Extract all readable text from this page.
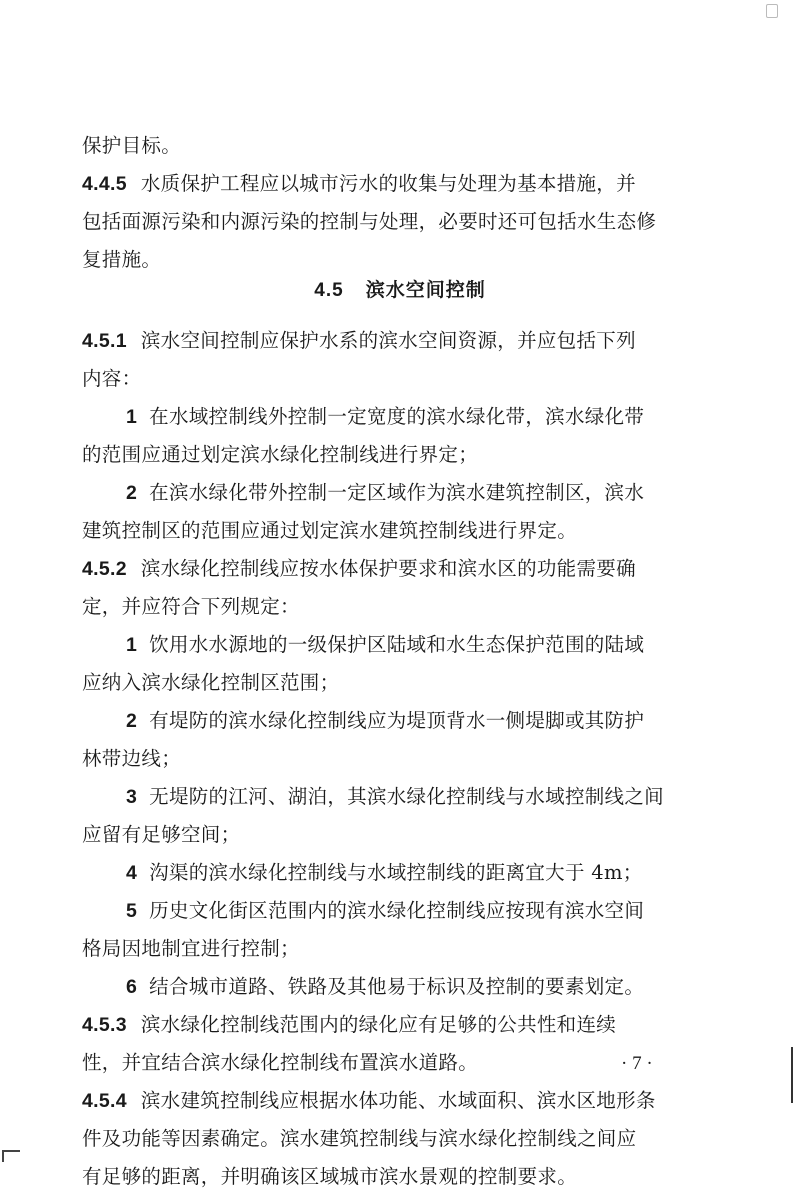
保护目标。
4.4.5 水质保护工程应以城市污水的收集与处理为基本措施，并
包括面源污染和内源污染的控制与处理，必要时还可包括水生态修
复措施。
4.5 滨水空间控制
4.5.1 滨水空间控制应保护水系的滨水空间资源，并应包括下列
内容：
1 在水域控制线外控制一定宽度的滨水绿化带，滨水绿化带
的范围应通过划定滨水绿化控制线进行界定；
2 在滨水绿化带外控制一定区域作为滨水建筑控制区，滨水
建筑控制区的范围应通过划定滨水建筑控制线进行界定。
4.5.2 滨水绿化控制线应按水体保护要求和滨水区的功能需要确
定，并应符合下列规定：
1 饮用水水源地的一级保护区陆域和水生态保护范围的陆域
应纳入滨水绿化控制区范围；
2 有堤防的滨水绿化控制线应为堤顶背水一侧堤脚或其防护
林带边线；
3 无堤防的江河、湖泊，其滨水绿化控制线与水域控制线之间
应留有足够空间；
4 沟渠的滨水绿化控制线与水域控制线的距离宜大于 4m；
5 历史文化街区范围内的滨水绿化控制线应按现有滨水空间
格局因地制宜进行控制；
6 结合城市道路、铁路及其他易于标识及控制的要素划定。
4.5.3 滨水绿化控制线范围内的绿化应有足够的公共性和连续
性，并宜结合滨水绿化控制线布置滨水道路。
4.5.4 滨水建筑控制线应根据水体功能、水域面积、滨水区地形条
件及功能等因素确定。滨水建筑控制线与滨水绿化控制线之间应
有足够的距离，并明确该区域城市滨水景观的控制要求。
· 7 ·
